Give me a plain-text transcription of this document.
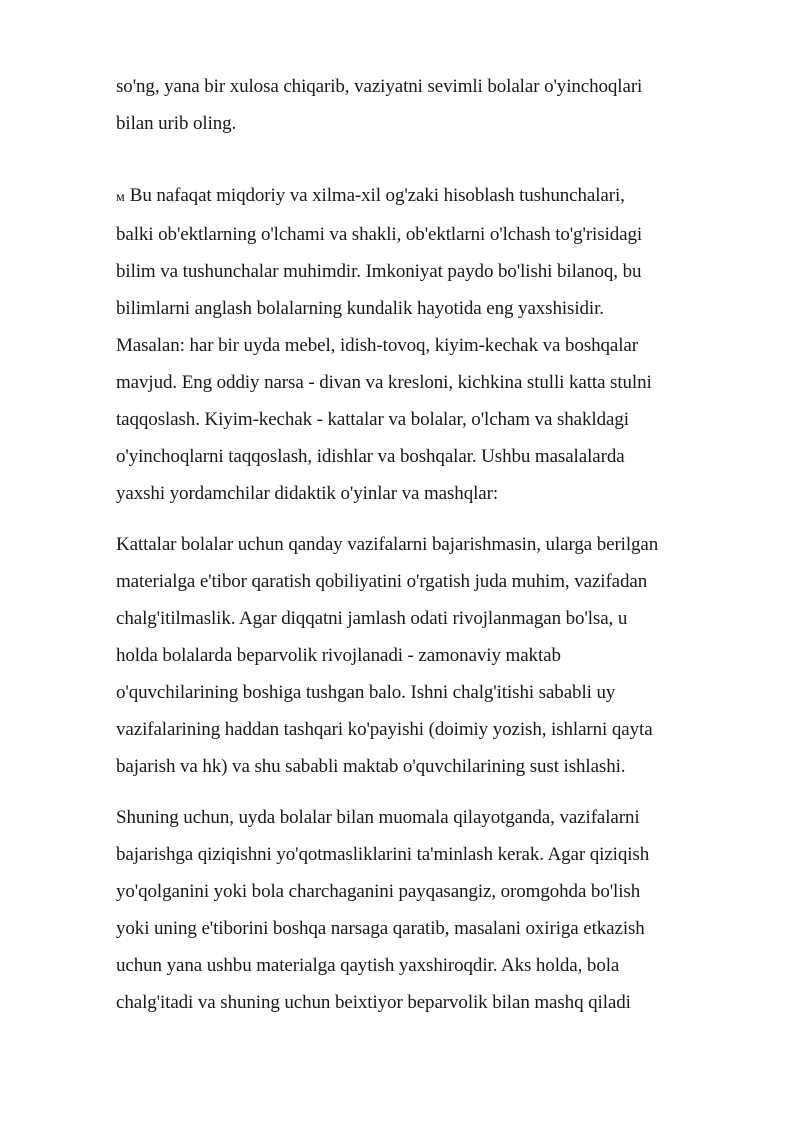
so'ng, yana bir xulosa chiqarib, vaziyatni sevimli bolalar o'yinchoqlari
bilan urib oling.

м Bu nafaqat miqdoriy va xilma-xil og'zaki hisoblash tushunchalari,
balki ob'ektlarning o'lchami va shakli, ob'ektlarni o'lchash to'g'risidagi
bilim va tushunchalar muhimdir. Imkoniyat paydo bo'lishi bilanoq, bu
bilimlarni anglash bolalarning kundalik hayotida eng yaxshisidir.
Masalan: har bir uyda mebel, idish-tovoq, kiyim-kechak va boshqalar
mavjud. Eng oddiy narsa - divan va kresloni, kichkina stulli katta stulni
taqqoslash. Kiyim-kechak - kattalar va bolalar, o'lcham va shakldagi
o'yinchoqlarni taqqoslash, idishlar va boshqalar. Ushbu masalalarda
yaxshi yordamchilar didaktik o'yinlar va mashqlar:

Kattalar bolalar uchun qanday vazifalarni bajarishmasin, ularga berilgan
materialga e'tibor qaratish qobiliyatini o'rgatish juda muhim, vazifadan
chalg'itilmaslik. Agar diqqatni jamlash odati rivojlanmagan bo'lsa, u
holda bolalarda beparvolik rivojlanadi - zamonaviy maktab
o'quvchilarining boshiga tushgan balo. Ishni chalg'itishi sababli uy
vazifalarining haddan tashqari ko'payishi (doimiy yozish, ishlarni qayta
bajarish va hk) va shu sababli maktab o'quvchilarining sust ishlashi.

Shuning uchun, uyda bolalar bilan muomala qilayotganda, vazifalarni
bajarishga qiziqishni yo'qotmasliklarini ta'minlash kerak. Agar qiziqish
yo'qolganini yoki bola charchaganini payqasangiz, oromgohda bo'lish
yoki uning e'tiborini boshqa narsaga qaratib, masalani oxiriga etkazish
uchun yana ushbu materialga qaytish yaxshiroqdir. Aks holda, bola
chalg'itadi va shuning uchun beixtiyor beparvolik bilan mashq qiladi
